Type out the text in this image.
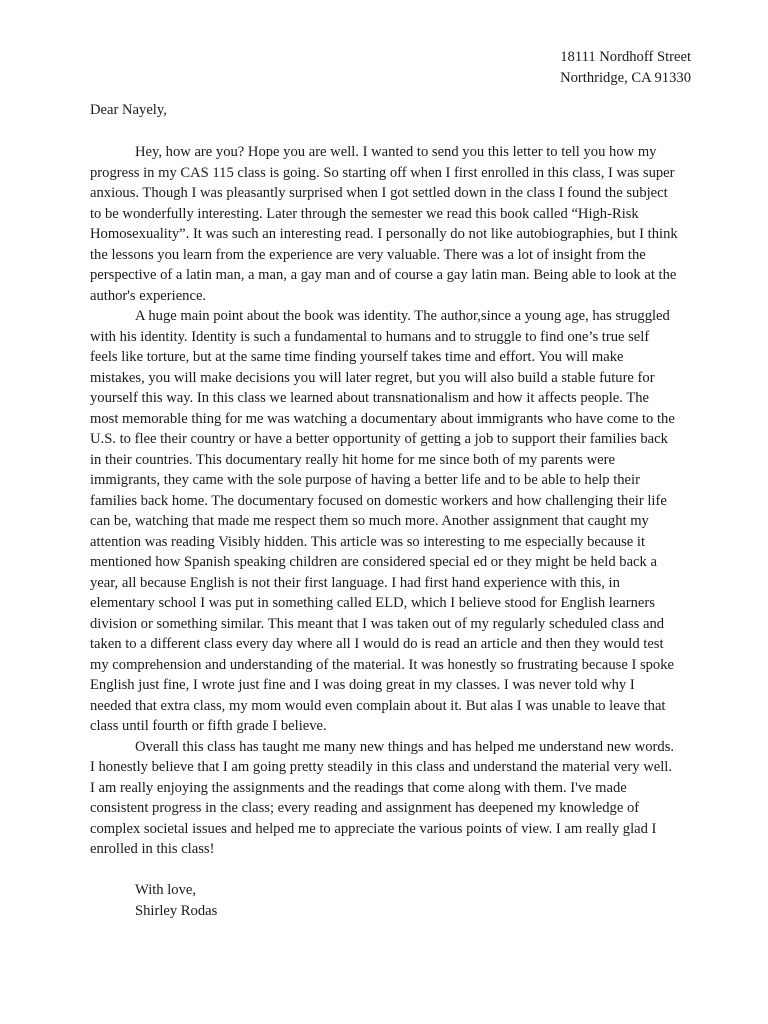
18111 Nordhoff Street
Northridge, CA 91330
Dear Nayely,

Hey, how are you? Hope you are well. I wanted to send you this letter to tell you how my progress in my CAS 115 class is going. So starting off when I first enrolled in this class, I was super anxious. Though I was pleasantly surprised when I got settled down in the class I found the subject to be wonderfully interesting. Later through the semester we read this book called “High-Risk Homosexuality”. It was such an interesting read. I personally do not like autobiographies, but I think the lessons you learn from the experience are very valuable. There was a lot of insight from the perspective of a latin man, a man, a gay man and of course a gay latin man. Being able to look at the author's experience.

A huge main point about the book was identity. The author,since a young age, has struggled with his identity. Identity is such a fundamental to humans and to struggle to find one’s true self feels like torture, but at the same time finding yourself takes time and effort. You will make mistakes, you will make decisions you will later regret, but you will also build a stable future for yourself this way. In this class we learned about transnationalism and how it affects people. The most memorable thing for me was watching a documentary about immigrants who have come to the U.S. to flee their country or have a better opportunity of getting a job to support their families back in their countries. This documentary really hit home for me since both of my parents were immigrants, they came with the sole purpose of having a better life and to be able to help their families back home. The documentary focused on domestic workers and how challenging their life can be, watching that made me respect them so much more. Another assignment that caught my attention was reading Visibly hidden. This article was so interesting to me especially because it mentioned how Spanish speaking children are considered special ed or they might be held back a year, all because English is not their first language. I had first hand experience with this, in elementary school I was put in something called ELD, which I believe stood for English learners division or something similar. This meant that I was taken out of my regularly scheduled class and taken to a different class every day where all I would do is read an article and then they would test my comprehension and understanding of the material. It was honestly so frustrating because I spoke English just fine, I wrote just fine and I was doing great in my classes. I was never told why I needed that extra class, my mom would even complain about it. But alas I was unable to leave that class until fourth or fifth grade I believe.

Overall this class has taught me many new things and has helped me understand new words. I honestly believe that I am going pretty steadily in this class and understand the material very well. I am really enjoying the assignments and the readings that come along with them. I've made consistent progress in the class; every reading and assignment has deepened my knowledge of complex societal issues and helped me to appreciate the various points of view. I am really glad I enrolled in this class!

With love,
Shirley Rodas
